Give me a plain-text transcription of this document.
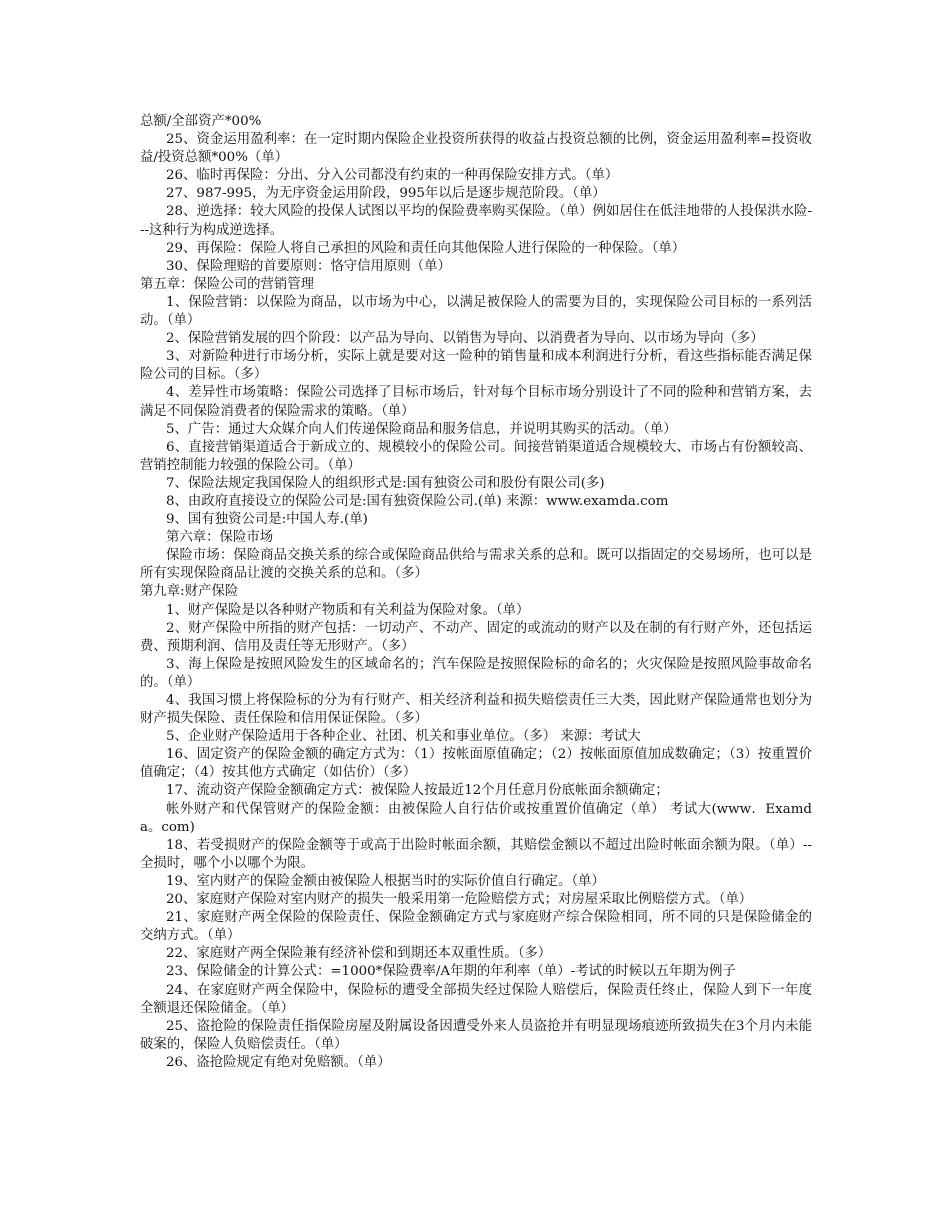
总额/全部资产*00%

25、资金运用盈利率：在一定时期内保险企业投资所获得的收益占投资总额的比例，资金运用盈利率=投资收益/投资总额*00%（单）

26、临时再保险：分出、分入公司都没有约束的一种再保险安排方式。（单）

27、987-995，为无序资金运用阶段，995年以后是逐步规范阶段。（单）

28、逆选择：较大风险的投保人试图以平均的保险费率购买保险。（单）例如居住在低洼地带的人投保洪水险---这种行为构成逆选择。

29、再保险：保险人将自己承担的风险和责任向其他保险人进行保险的一种保险。（单）

30、保险理赔的首要原则：恪守信用原则（单）

第五章：保险公司的营销管理

1、保险营销：以保险为商品，以市场为中心，以满足被保险人的需要为目的，实现保险公司目标的一系列活动。（单）

2、保险营销发展的四个阶段：以产品为导向、以销售为导向、以消费者为导向、以市场为导向（多）

3、对新险种进行市场分析，实际上就是要对这一险种的销售量和成本利润进行分析，看这些指标能否满足保险公司的目标。（多）

4、差异性市场策略：保险公司选择了目标市场后，针对每个目标市场分别设计了不同的险种和营销方案，去满足不同保险消费者的保险需求的策略。（单）

5、广告：通过大众媒介向人们传递保险商品和服务信息，并说明其购买的活动。（单）

6、直接营销渠道适合于新成立的、规模较小的保险公司。间接营销渠道适合规模较大、市场占有份额较高、营销控制能力较强的保险公司。（单）

7、保险法规定我国保险人的组织形式是:国有独资公司和股份有限公司(多)

8、由政府直接设立的保险公司是:国有独资保险公司.(单) 来源：www.examda.com

9、国有独资公司是:中国人寿.(单)

第六章：保险市场

保险市场：保险商品交换关系的综合或保险商品供给与需求关系的总和。既可以指固定的交易场所，也可以是所有实现保险商品让渡的交换关系的总和。（多）

第九章:财产保险

1、财产保险是以各种财产物质和有关利益为保险对象。（单）

2、财产保险中所指的财产包括：一切动产、不动产、固定的或流动的财产以及在制的有行财产外，还包括运费、预期利润、信用及责任等无形财产。（多）

3、海上保险是按照风险发生的区域命名的；汽车保险是按照保险标的命名的；火灾保险是按照风险事故命名的。（单）

4、我国习惯上将保险标的分为有行财产、相关经济利益和损失赔偿责任三大类，因此财产保险通常也划分为财产损失保险、责任保险和信用保证保险。（多）

5、企业财产保险适用于各种企业、社团、机关和事业单位。（多） 来源：考试大

16、固定资产的保险金额的确定方式为：（1）按帐面原值确定；（2）按帐面原值加成数确定；（3）按重置价值确定；（4）按其他方式确定（如估价）（多）

17、流动资产保险金额确定方式：被保险人按最近12个月任意月份底帐面余额确定；

帐外财产和代保管财产的保险金额：由被保险人自行估价或按重置价值确定（单） 考试大(www．Examda。com)

18、若受损财产的保险金额等于或高于出险时帐面余额，其赔偿金额以不超过出险时帐面余额为限。（单）--全损时，哪个小以哪个为限。

19、室内财产的保险金额由被保险人根据当时的实际价值自行确定。（单）

20、家庭财产保险对室内财产的损失一般采用第一危险赔偿方式；对房屋采取比例赔偿方式。（单）

21、家庭财产两全保险的保险责任、保险金额确定方式与家庭财产综合保险相同，所不同的只是保险储金的交纳方式。（单）

22、家庭财产两全保险兼有经济补偿和到期还本双重性质。（多）

23、保险储金的计算公式：=1000*保险费率/A年期的年利率（单）-考试的时候以五年期为例子

24、在家庭财产两全保险中，保险标的遭受全部损失经过保险人赔偿后，保险责任终止，保险人到下一年度全额退还保险储金。（单）

25、盗抢险的保险责任指保险房屋及附属设备因遭受外来人员盗抢并有明显现场痕迹所致损失在3个月内未能破案的，保险人负赔偿责任。（单）

26、盗抢险规定有绝对免赔额。（单）
